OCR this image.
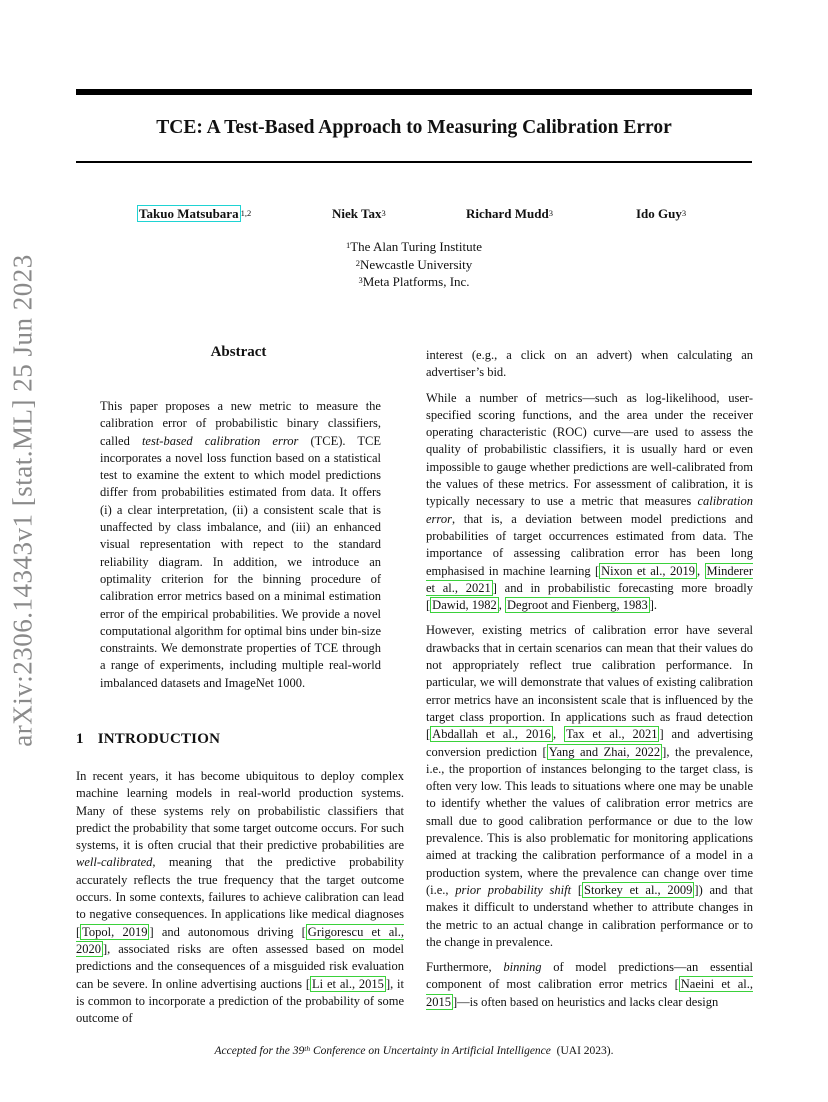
arXiv:2306.14343v1 [stat.ML] 25 Jun 2023
TCE: A Test-Based Approach to Measuring Calibration Error
Takuo Matsubara $^{1,2}$	Niek Tax$^3$	Richard Mudd$^3$	Ido Guy$^3$
$^1$The Alan Turing Institute
$^2$Newcastle University
$^3$Meta Platforms, Inc.
Abstract

This paper proposes a new metric to measure the calibration error of probabilistic binary classifiers, called test-based calibration error (TCE). TCE incorporates a novel loss function based on a statistical test to examine the extent to which model predictions differ from probabilities estimated from data. It offers (i) a clear interpretation, (ii) a consistent scale that is unaffected by class imbalance, and (iii) an enhanced visual representation with repect to the standard reliability diagram. In addition, we introduce an optimality criterion for the binning procedure of calibration error metrics based on a minimal estimation error of the empirical probabilities. We provide a novel computational algorithm for optimal bins under bin-size constraints. We demonstrate properties of TCE through a range of experiments, including multiple real-world imbalanced datasets and ImageNet 1000.

1 INTRODUCTION

In recent years, it has become ubiquitous to deploy complex machine learning models in real-world production systems. Many of these systems rely on probabilistic classifiers that predict the probability that some target outcome occurs. For such systems, it is often crucial that their predictive probabilities are well-calibrated, meaning that the predictive probability accurately reflects the true frequency that the target outcome occurs. In some contexts, failures to achieve calibration can lead to negative consequences. In applications like medical diagnoses [ Topol, 2019 ] and autonomous driving [ Grigorescu et al., 2020 ], associated risks are often assessed based on model predictions and the consequences of a misguided risk evaluation can be severe. In online advertising auctions [ Li et al., 2015 ], it is common to incorporate a prediction of the probability of some outcome of

interest (e.g., a click on an advert) when calculating an advertiser’s bid.

While a number of metrics—such as log-likelihood, user-specified scoring functions, and the area under the receiver operating characteristic (ROC) curve—are used to assess the quality of probabilistic classifiers, it is usually hard or even impossible to gauge whether predictions are well-calibrated from the values of these metrics. For assessment of calibration, it is typically necessary to use a metric that measures calibration error, that is, a deviation between model predictions and probabilities of target occurrences estimated from data. The importance of assessing calibration error has been long emphasised in machine learning [ Nixon et al., 2019 , Minderer et al., 2021 ] and in probabilistic forecasting more broadly [ Dawid, 1982 , Degroot and Fienberg, 1983 ].

However, existing metrics of calibration error have several drawbacks that in certain scenarios can mean that their values do not appropriately reflect true calibration performance. In particular, we will demonstrate that values of existing calibration error metrics have an inconsistent scale that is influenced by the target class proportion. In applications such as fraud detection [ Abdallah et al., 2016 , Tax et al., 2021 ] and advertising conversion prediction [ Yang and Zhai, 2022 ], the prevalence, i.e., the proportion of instances belonging to the target class, is often very low. This leads to situations where one may be unable to identify whether the values of calibration error metrics are small due to good calibration performance or due to the low prevalence. This is also problematic for monitoring applications aimed at tracking the calibration performance of a model in a production system, where the prevalence can change over time (i.e., prior probability shift [ Storkey et al., 2009 ]) and that makes it difficult to understand whether to attribute changes in the metric to an actual change in calibration performance or to the change in prevalence.

Furthermore, binning of model predictions—an essential component of most calibration error metrics [ Naeini et al., 2015 ]—is often based on heuristics and lacks clear design

Accepted for the 39th Conference on Uncertainty in Artificial Intelligence (UAI 2023).
